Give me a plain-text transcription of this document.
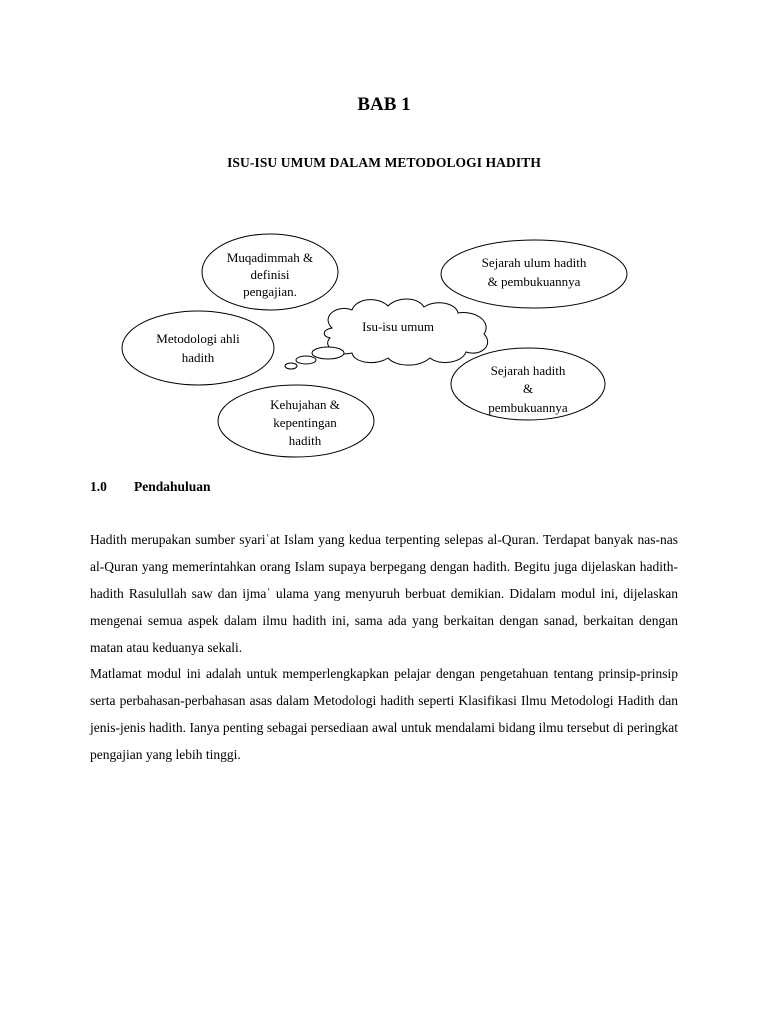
BAB 1
ISU-ISU UMUM DALAM METODOLOGI HADITH
Muqadimmah &
definisi
pengajian.
Sejarah ulum hadith
& pembukuannya
Isu-isu umum
Metodologi ahli
hadith
Sejarah hadith
&
pembukuannya
Kehujahan &
kepentingan
hadith
1.0 Pendahuluan

Hadith merupakan sumber syariʿat Islam yang kedua terpenting selepas al-Quran. Terdapat banyak nas-nas al-Quran yang memerintahkan orang Islam supaya berpegang dengan hadith. Begitu juga dijelaskan hadith-hadith Rasulullah saw dan ijmaʿ ulama yang menyuruh berbuat demikian. Didalam modul ini, dijelaskan mengenai semua aspek dalam ilmu hadith ini, sama ada yang berkaitan dengan sanad, berkaitan dengan matan atau keduanya sekali.

Matlamat modul ini adalah untuk memperlengkapkan pelajar dengan pengetahuan tentang prinsip-prinsip serta perbahasan-perbahasan asas dalam Metodologi hadith seperti Klasifikasi Ilmu Metodologi Hadith dan jenis-jenis hadith. Ianya penting sebagai persediaan awal untuk mendalami bidang ilmu tersebut di peringkat pengajian yang lebih tinggi.
